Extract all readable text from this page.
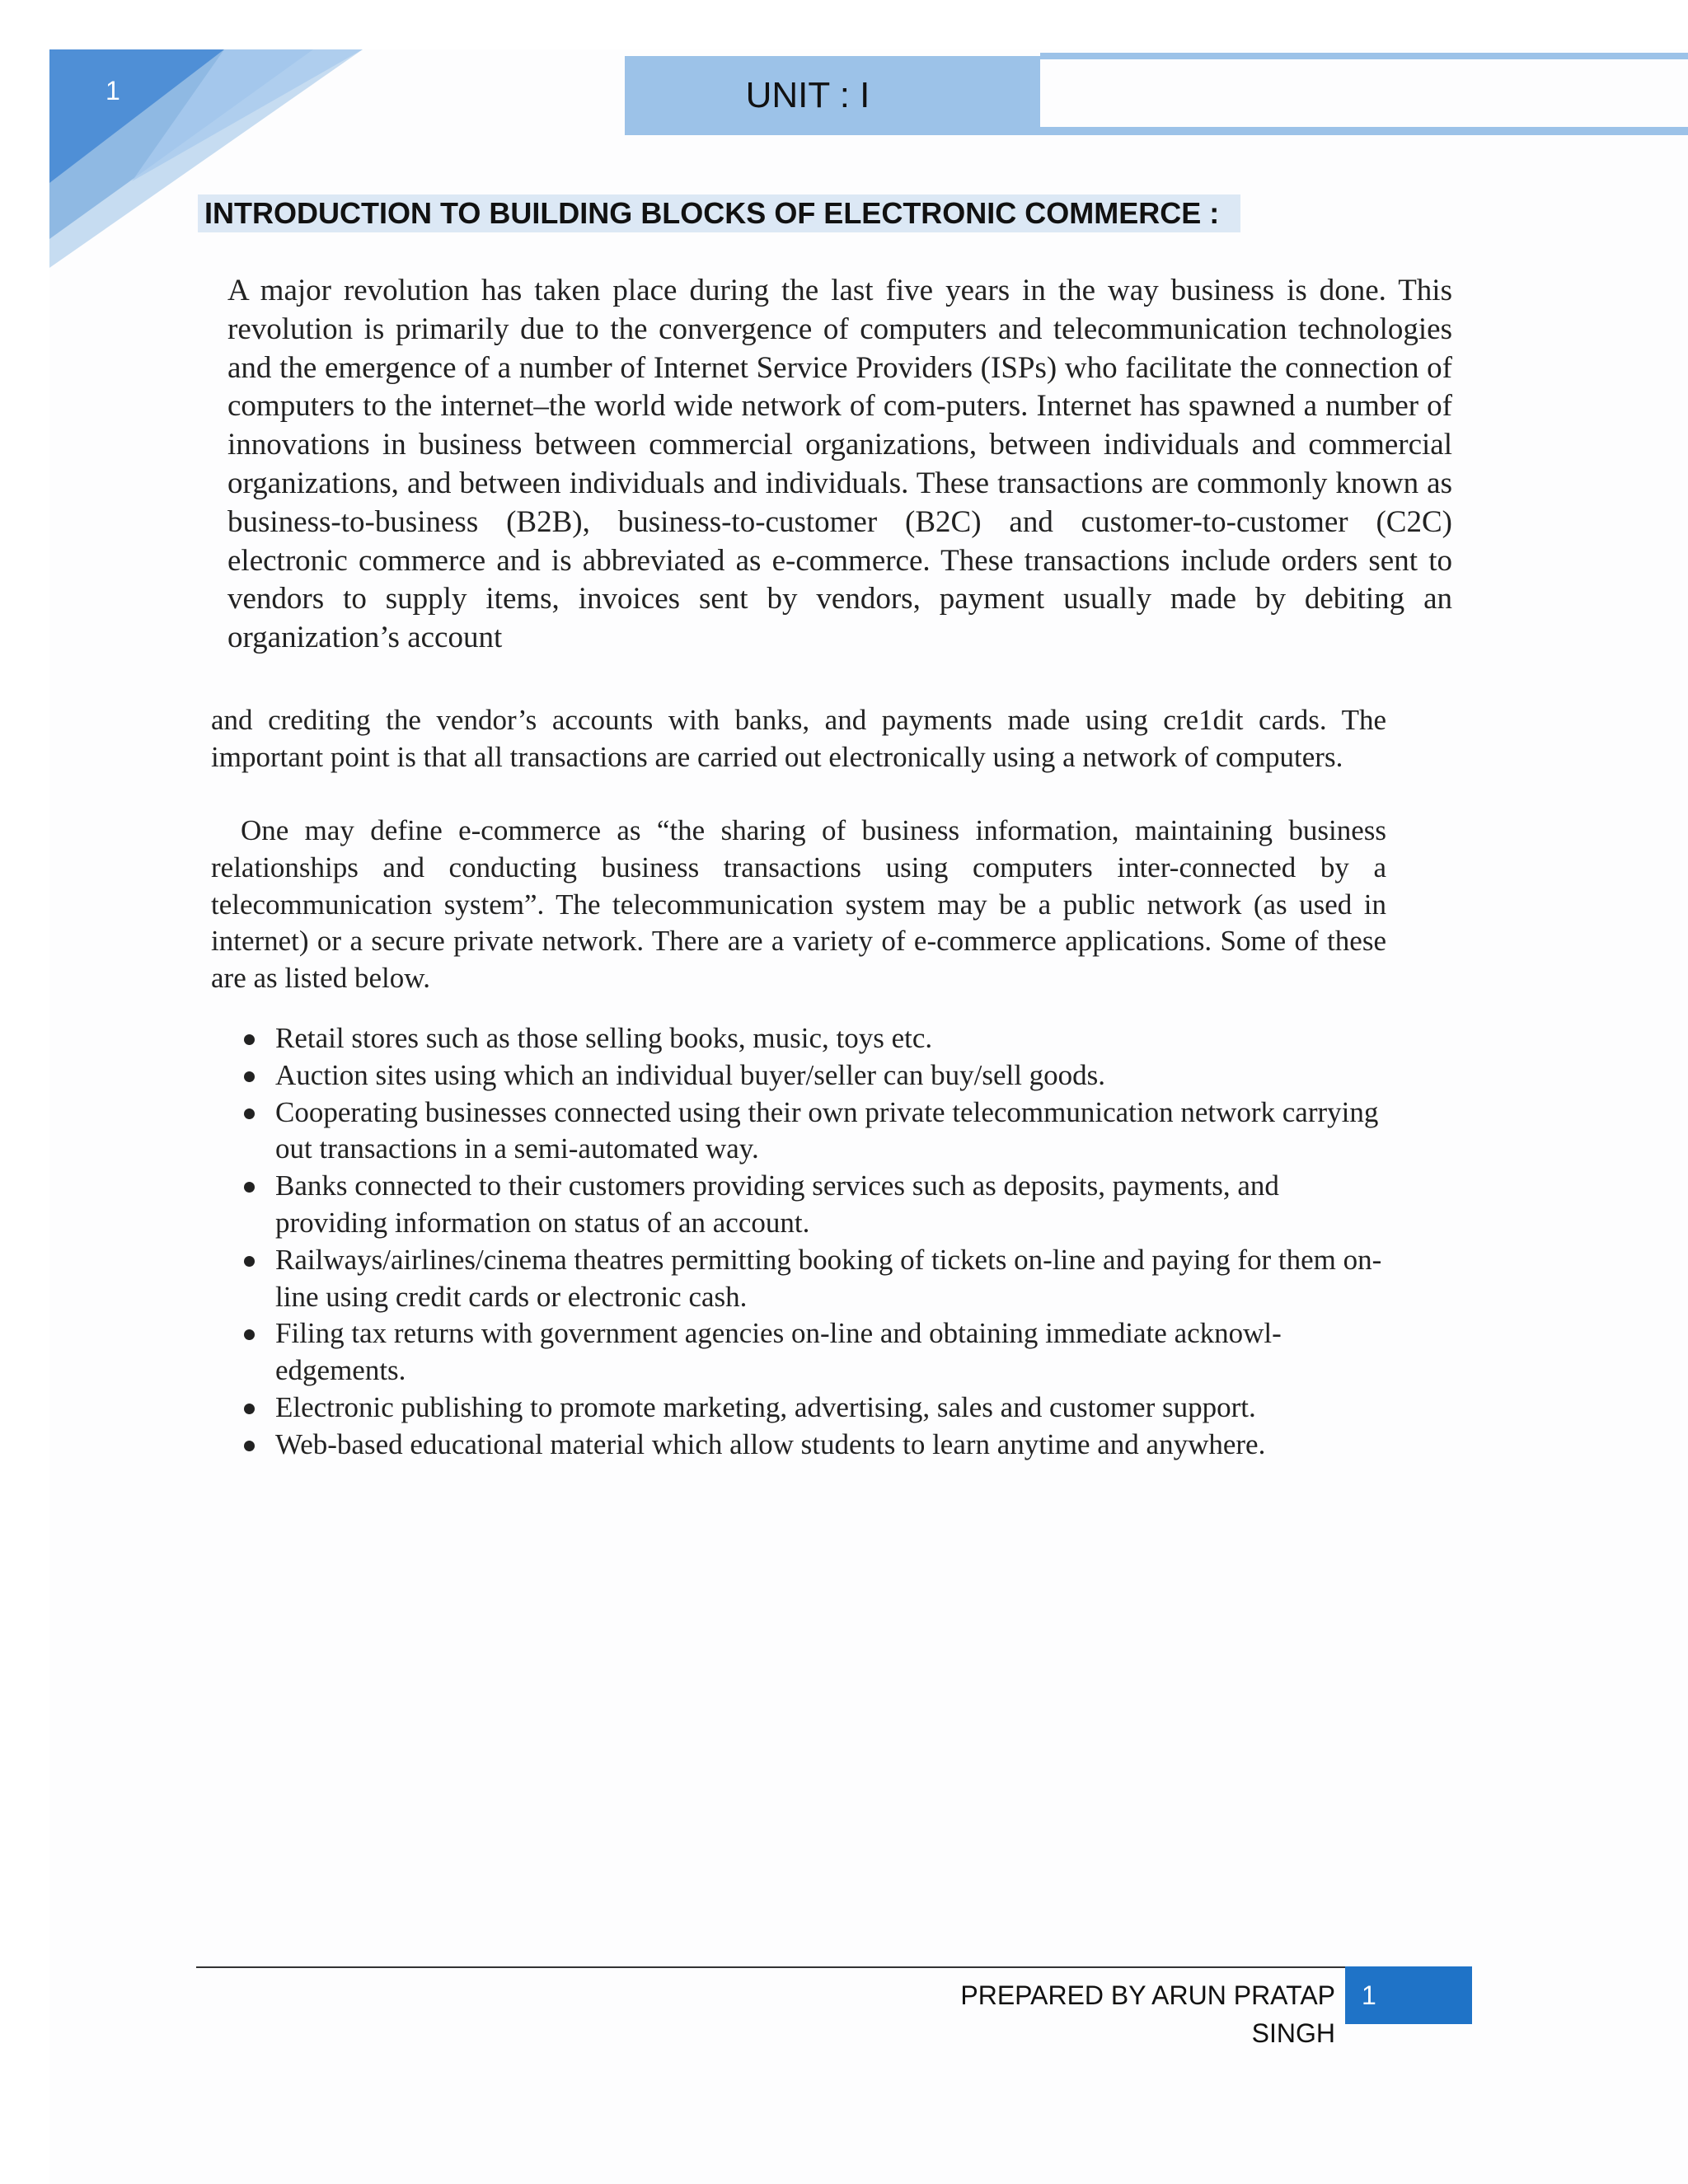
1	UNIT : I
INTRODUCTION TO BUILDING BLOCKS OF ELECTRONIC COMMERCE :
A major revolution has taken place during the last five years in the way business is done. This revolution is primarily due to the convergence of computers and telecommunication technologies and the emergence of a number of Internet Service Providers (ISPs) who facilitate the connection of computers to the internet–the world wide network of com-puters. Internet has spawned a number of innovations in business between commercial organizations, between individuals and commercial organizations, and between individuals and individuals. These transactions are commonly known as business-to-business (B2B), business-to-customer (B2C) and customer-to-customer (C2C) electronic commerce and is abbreviated as e-commerce. These transactions include orders sent to vendors to supply items, invoices sent by vendors, payment usually made by debiting an organization’s account
and crediting the vendor’s accounts with banks, and payments made using cre1dit cards. The important point is that all transactions are carried out electronically using a network of computers.
One may define e-commerce as “the sharing of business information, maintaining business relationships and conducting business transactions using computers inter-connected by a telecommunication system”. The telecommunication system may be a public network (as used in internet) or a secure private network. There are a variety of e-commerce applications. Some of these are as listed below.
Retail stores such as those selling books, music, toys etc.
Auction sites using which an individual buyer/seller can buy/sell goods.
Cooperating businesses connected using their own private telecommunication network carrying out transactions in a semi-automated way.
Banks connected to their customers providing services such as deposits, payments, and providing information on status of an account.
Railways/airlines/cinema theatres permitting booking of tickets on-line and paying for them on-line using credit cards or electronic cash.
Filing tax returns with government agencies on-line and obtaining immediate acknowl-edgements.
Electronic publishing to promote marketing, advertising, sales and customer support.
Web-based educational material which allow students to learn anytime and anywhere.
PREPARED BY ARUN PRATAP SINGH
1
